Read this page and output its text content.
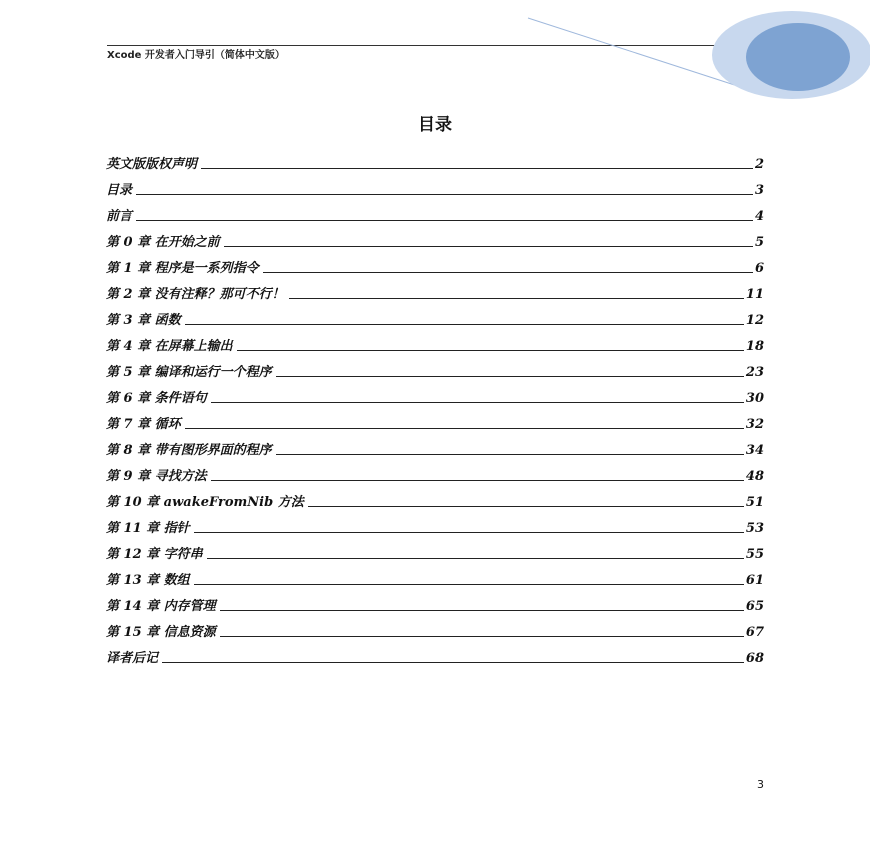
Xcode 开发者入门导引（简体中文版）
目录
英文版版权声明	2
目录	3
前言	4
第 0 章 在开始之前	5
第 1 章 程序是一系列指令	6
第 2 章 没有注释？那可不行！	11
第 3 章 函数	12
第 4 章 在屏幕上输出	18
第 5 章 编译和运行一个程序	23
第 6 章 条件语句	30
第 7 章 循环	32
第 8 章 带有图形界面的程序	34
第 9 章 寻找方法	48
第 10 章 awakeFromNib 方法	51
第 11 章 指针	53
第 12 章 字符串	55
第 13 章 数组	61
第 14 章 内存管理	65
第 15 章 信息资源	67
译者后记	68
3
